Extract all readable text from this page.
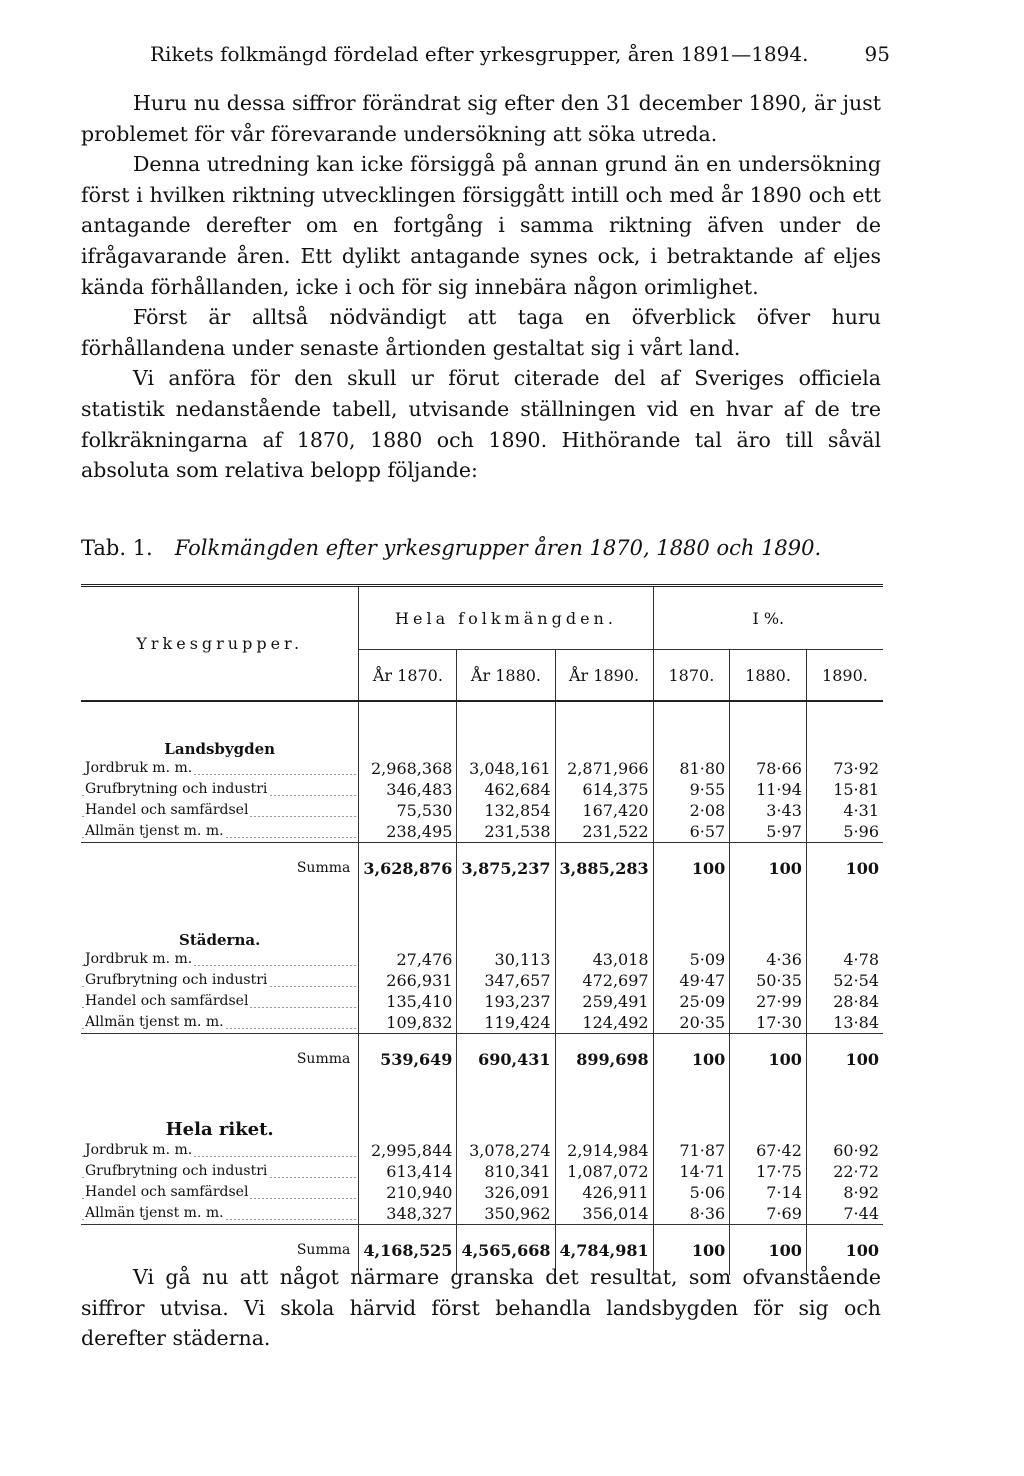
Rikets folkmängd fördelad efter yrkesgrupper, åren 1891—1894.	95

Huru nu dessa siffror förändrat sig efter den 31 december 1890, är just problemet för vår förevarande undersökning att söka utreda.

Denna utredning kan icke försiggå på annan grund än en undersökning först i hvilken riktning utvecklingen försiggått intill och med år 1890 och ett antagande derefter om en fortgång i samma riktning äfven under de ifrågavarande åren. Ett dylikt antagande synes ock, i betraktande af eljes kända förhållanden, icke i och för sig innebära någon orimlighet.

Först är alltså nödvändigt att taga en öfverblick öfver huru förhållandena under senaste årtionden gestaltat sig i vårt land.

Vi anföra för den skull ur förut citerade del af Sveriges officiela statistik nedanstående tabell, utvisande ställningen vid en hvar af de tre folkräkningarna af 1870, 1880 och 1890. Hithörande tal äro till såväl absoluta som relativa belopp följande:

Tab. 1. Folkmängden efter yrkesgrupper åren 1870, 1880 och 1890.
Yrkesgrupper.	Hela folkmängden.			I %.		
	År 1870.	År 1880.	År 1890.	1870.	1880.	1890.
Landsbygden						
Jordbruk m. m.	2,968,368	3,048,161	2,871,966	81·80	78·66	73·92
Grufbrytning och industri	346,483	462,684	614,375	9·55	11·94	15·81
Handel och samfärdsel	75,530	132,854	167,420	2·08	3·43	4·31
Allmän tjenst m. m.	238,495	231,538	231,522	6·57	5·97	5·96
Summa	3,628,876	3,875,237	3,885,283	100	100	100
Städerna.						
Jordbruk m. m.	27,476	30,113	43,018	5·09	4·36	4·78
Grufbrytning och industri	266,931	347,657	472,697	49·47	50·35	52·54
Handel och samfärdsel	135,410	193,237	259,491	25·09	27·99	28·84
Allmän tjenst m. m.	109,832	119,424	124,492	20·35	17·30	13·84
Summa	539,649	690,431	899,698	100	100	100
Hela riket.						
Jordbruk m. m.	2,995,844	3,078,274	2,914,984	71·87	67·42	60·92
Grufbrytning och industri	613,414	810,341	1,087,072	14·71	17·75	22·72
Handel och samfärdsel	210,940	326,091	426,911	5·06	7·14	8·92
Allmän tjenst m. m.	348,327	350,962	356,014	8·36	7·69	7·44
Summa	4,168,525	4,565,668	4,784,981	100	100	100

Vi gå nu att något närmare granska det resultat, som ofvanstående siffror utvisa. Vi skola härvid först behandla landsbygden för sig och derefter städerna.
